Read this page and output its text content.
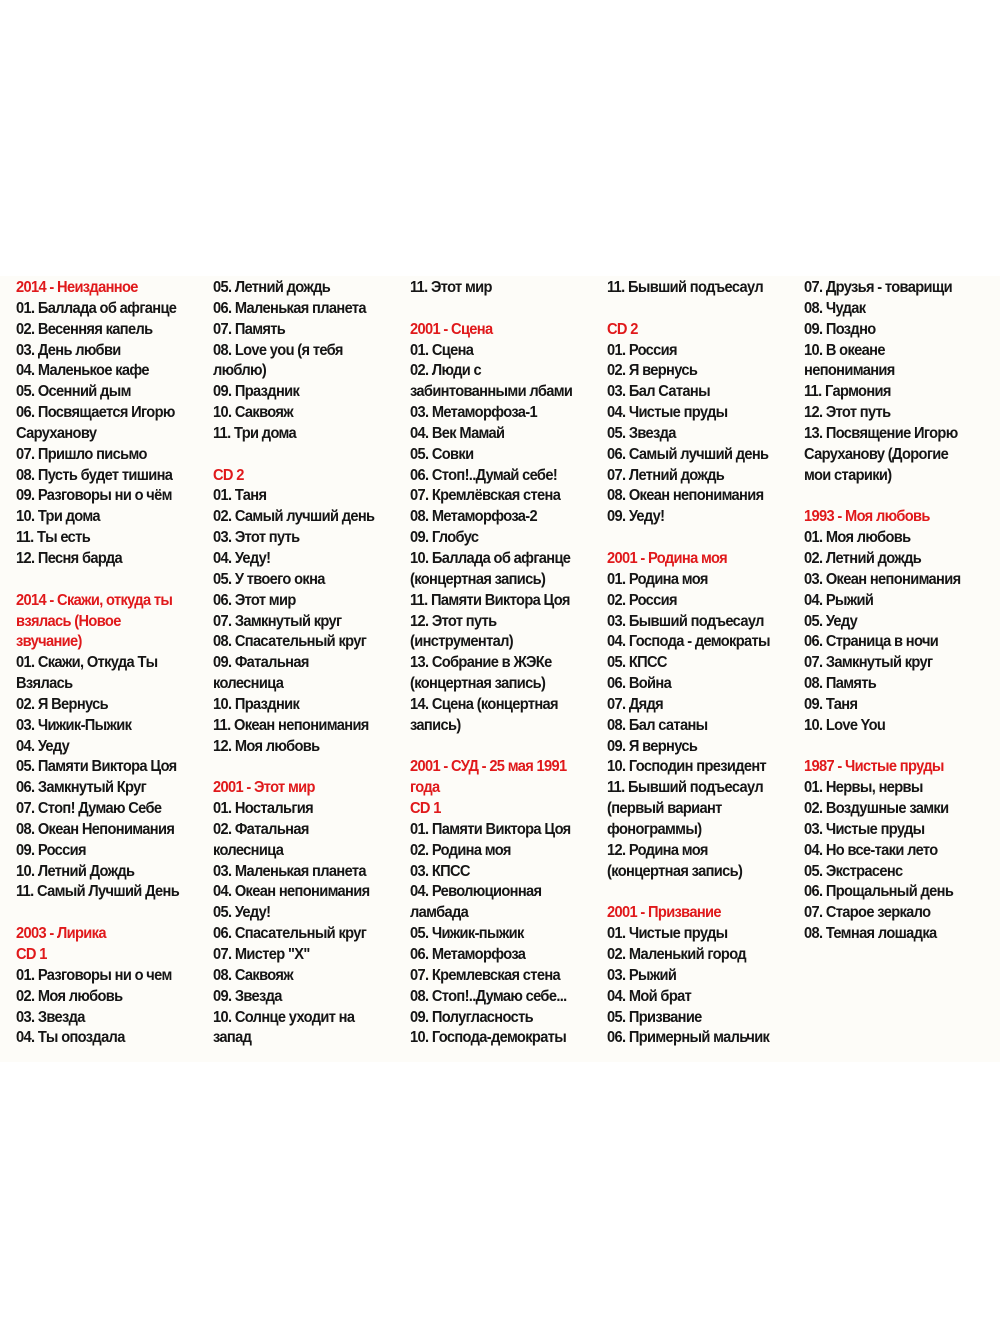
2014 - Неизданное
01. Баллада об афганце
02. Весенняя капель
03. День любви
04. Маленькое кафе
05. Осенний дым
06. Посвящается Игорю
Саруханову
07. Пришло письмо
08. Пусть будет тишина
09. Разговоры ни о чём
10. Три дома
11. Ты есть
12. Песня барда
2014 - Скажи, откуда ты
взялась (Новое
звучание)
01. Скажи, Откуда Ты
Взялась
02. Я Вернусь
03. Чижик-Пыжик
04. Уеду
05. Памяти Виктора Цоя
06. Замкнутый Круг
07. Стоп! Думаю Себе
08. Океан Непонимания
09. Россия
10. Летний Дождь
11. Самый Лучший День
2003 - Лирика
CD 1
01. Разговоры ни о чем
02. Моя любовь
03. Звезда
04. Ты опоздала
05. Летний дождь
06. Маленькая планета
07. Память
08. Love you (я тебя
люблю)
09. Праздник
10. Саквояж
11. Три дома
CD 2
01. Таня
02. Самый лучший день
03. Этот путь
04. Уеду!
05. У твоего окна
06. Этот мир
07. Замкнутый круг
08. Спасательный круг
09. Фатальная
колесница
10. Праздник
11. Океан непонимания
12. Моя любовь
2001 - Этот мир
01. Ностальгия
02. Фатальная
колесница
03. Маленькая планета
04. Океан непонимания
05. Уеду!
06. Спасательный круг
07. Мистер "Х"
08. Саквояж
09. Звезда
10. Солнце уходит на
запад
11. Этот мир
2001 - Сцена
01. Сцена
02. Люди с
забинтованными лбами
03. Метаморфоза-1
04. Век Мамай
05. Совки
06. Стоп!..Думай себе!
07. Кремлёвская стена
08. Метаморфоза-2
09. Глобус
10. Баллада об афганце
(концертная запись)
11. Памяти Виктора Цоя
12. Этот путь
(инструментал)
13. Собрание в ЖЭКе
(концертная запись)
14. Сцена (концертная
запись)
2001 - СУД - 25 мая 1991
года
CD 1
01. Памяти Виктора Цоя
02. Родина моя
03. КПСС
04. Революционная
ламбада
05. Чижик-пыжик
06. Метаморфоза
07. Кремлевская стена
08. Стоп!..Думаю себе...
09. Полугласность
10. Господа-демократы
11. Бывший подъесаул
CD 2
01. Россия
02. Я вернусь
03. Бал Сатаны
04. Чистые пруды
05. Звезда
06. Самый лучший день
07. Летний дождь
08. Океан непонимания
09. Уеду!
2001 - Родина моя
01. Родина моя
02. Россия
03. Бывший подъесаул
04. Господа - демократы
05. КПСС
06. Война
07. Дядя
08. Бал сатаны
09. Я вернусь
10. Господин президент
11. Бывший подъесаул
(первый вариант
фонограммы)
12. Родина моя
(концертная запись)
2001 - Призвание
01. Чистые пруды
02. Маленький город
03. Рыжий
04. Мой брат
05. Призвание
06. Примерный мальчик
07. Друзья - товарищи
08. Чудак
09. Поздно
10. В океане
непонимания
11. Гармония
12. Этот путь
13. Посвящение Игорю
Саруханову (Дорогие
мои старики)
1993 - Моя любовь
01. Моя любовь
02. Летний дождь
03. Океан непонимания
04. Рыжий
05. Уеду
06. Страница в ночи
07. Замкнутый круг
08. Память
09. Таня
10. Love You
1987 - Чистые пруды
01. Нервы, нервы
02. Воздушные замки
03. Чистые пруды
04. Но все-таки лето
05. Экстрасенс
06. Прощальный день
07. Старое зеркало
08. Темная лошадка
